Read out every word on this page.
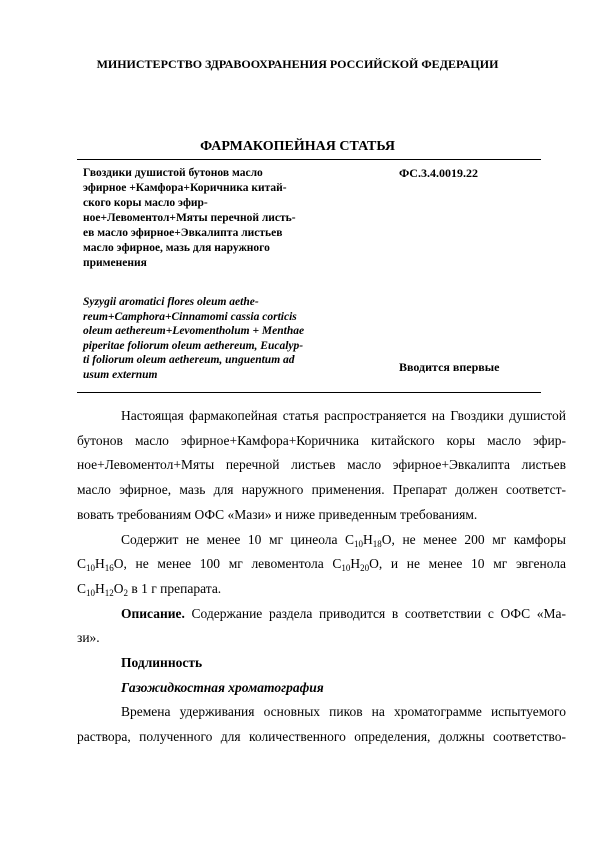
МИНИСТЕРСТВО ЗДРАВООХРАНЕНИЯ РОССИЙСКОЙ ФЕДЕРАЦИИ
ФАРМАКОПЕЙНАЯ СТАТЬЯ
Гвоздики душистой бутонов масло
эфирное +Камфора+Коричника китай-
ского коры масло эфир-
ное+Левоментол+Мяты перечной листь-
ев масло эфирное+Эвкалипта листьев
масло эфирное, мазь для наружного
применения
Syzygii aromatici flores oleum aethe-
reum+Camphora+Cinnamomi cassia corticis
oleum aethereum+Levomentholum + Menthae
piperitae foliorum oleum aethereum, Eucalyp-
ti foliorum oleum aethereum, unguentum ad
usum externum
ФС.3.4.0019.22
Вводится впервые

Настоящая фармакопейная статья распространяется на Гвоздики душистой

бутонов масло эфирное+Камфора+Коричника китайского коры масло эфир-

ное+Левоментол+Мяты перечной листьев масло эфирное+Эвкалипта листьев

масло эфирное, мазь для наружного применения. Препарат должен соответст-

вовать требованиям ОФС «Мази» и ниже приведенным требованиям.

Содержит не менее 10 мг цинеола $C_{10}H_{18}O$, не менее 200 мг камфоры

$C_{10}H_{16}O$, не менее 100 мг левоментола $C_{10}H_{20}O$, и не менее 10 мг эвгенола

$C_{10}H_{12}O_2$ в 1 г препарата.

Описание. Содержание раздела приводится в соответствии с ОФС «Ма-

зи».

Подлинность

Газожидкостная хроматография

Времена удерживания основных пиков на хроматограмме испытуемого

раствора, полученного для количественного определения, должны соответство-
